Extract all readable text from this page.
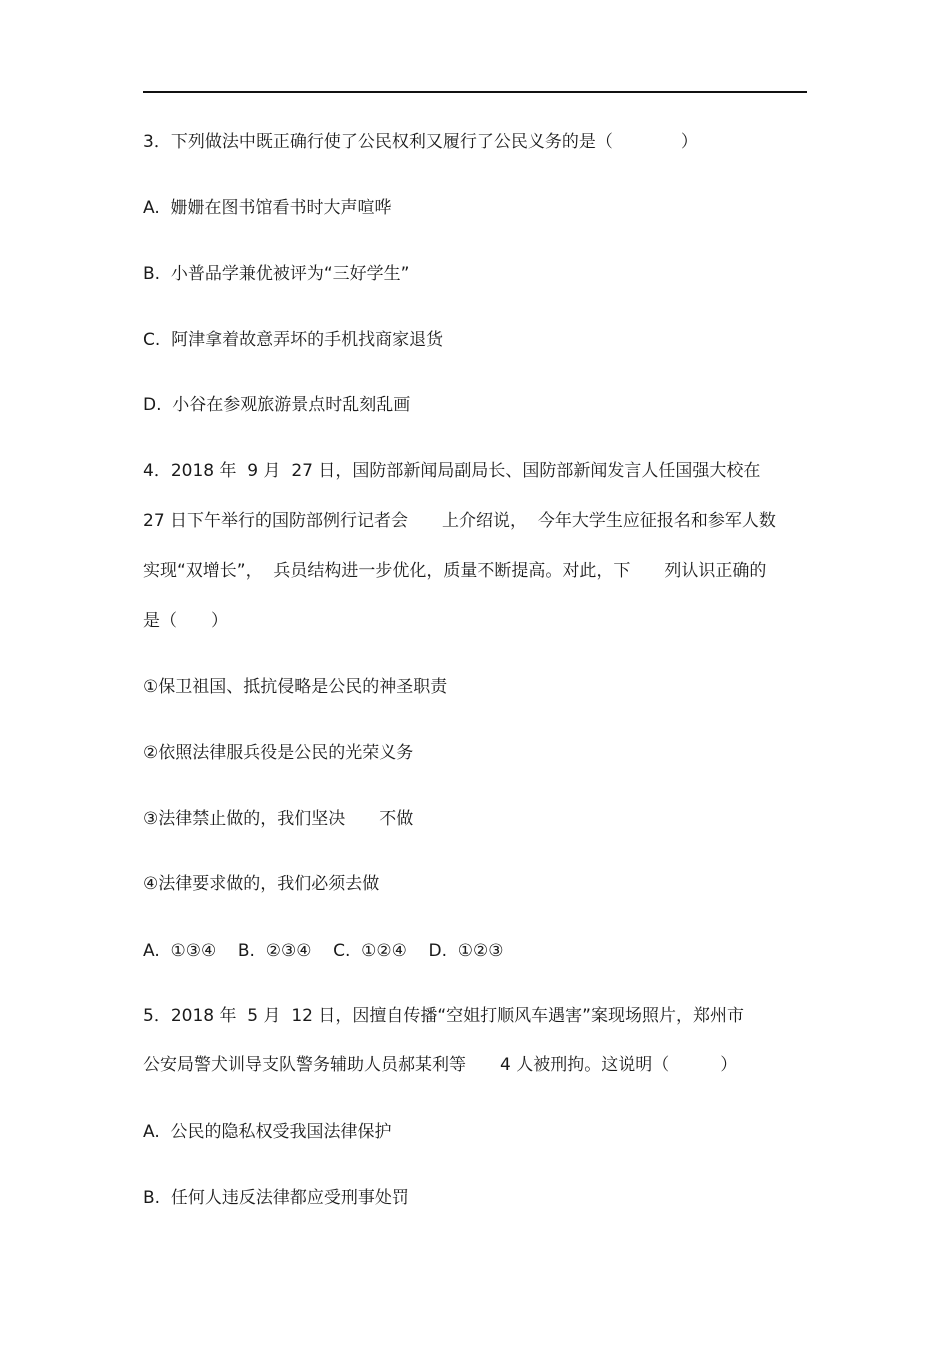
3．下列做法中既正确行使了公民权利又履行了公民义务的是（　　　　）
A.  姗姗在图书馆看书时大声喧哗
B.  小普品学兼优被评为“三好学生”
C.  阿津拿着故意弄坏的手机找商家退货
D.  小谷在参观旅游景点时乱刻乱画
4．2018 年  9 月  27 日，国防部新闻局副局长、国防部新闻发言人任国强大校在
27 日下午举行的国防部例行记者会　　上介绍说，  今年大学生应征报名和参军人数
实现“双增长”，  兵员结构进一步优化，质量不断提高。对此，下　　列认识正确的
是（　　）
①保卫祖国、抵抗侵略是公民的神圣职责
②依照法律服兵役是公民的光荣义务
③法律禁止做的，我们坚决　　不做
④法律要求做的，我们必须去做
A.  ①③④    B.  ②③④    C.  ①②④    D.  ①②③
5．2018 年  5 月  12 日，因擅自传播“空姐打顺风车遇害”案现场照片，郑州市
公安局警犬训导支队警务辅助人员郝某利等　　4 人被刑拘。这说明（　　　）
A.  公民的隐私权受我国法律保护
B.  任何人违反法律都应受刑事处罚
